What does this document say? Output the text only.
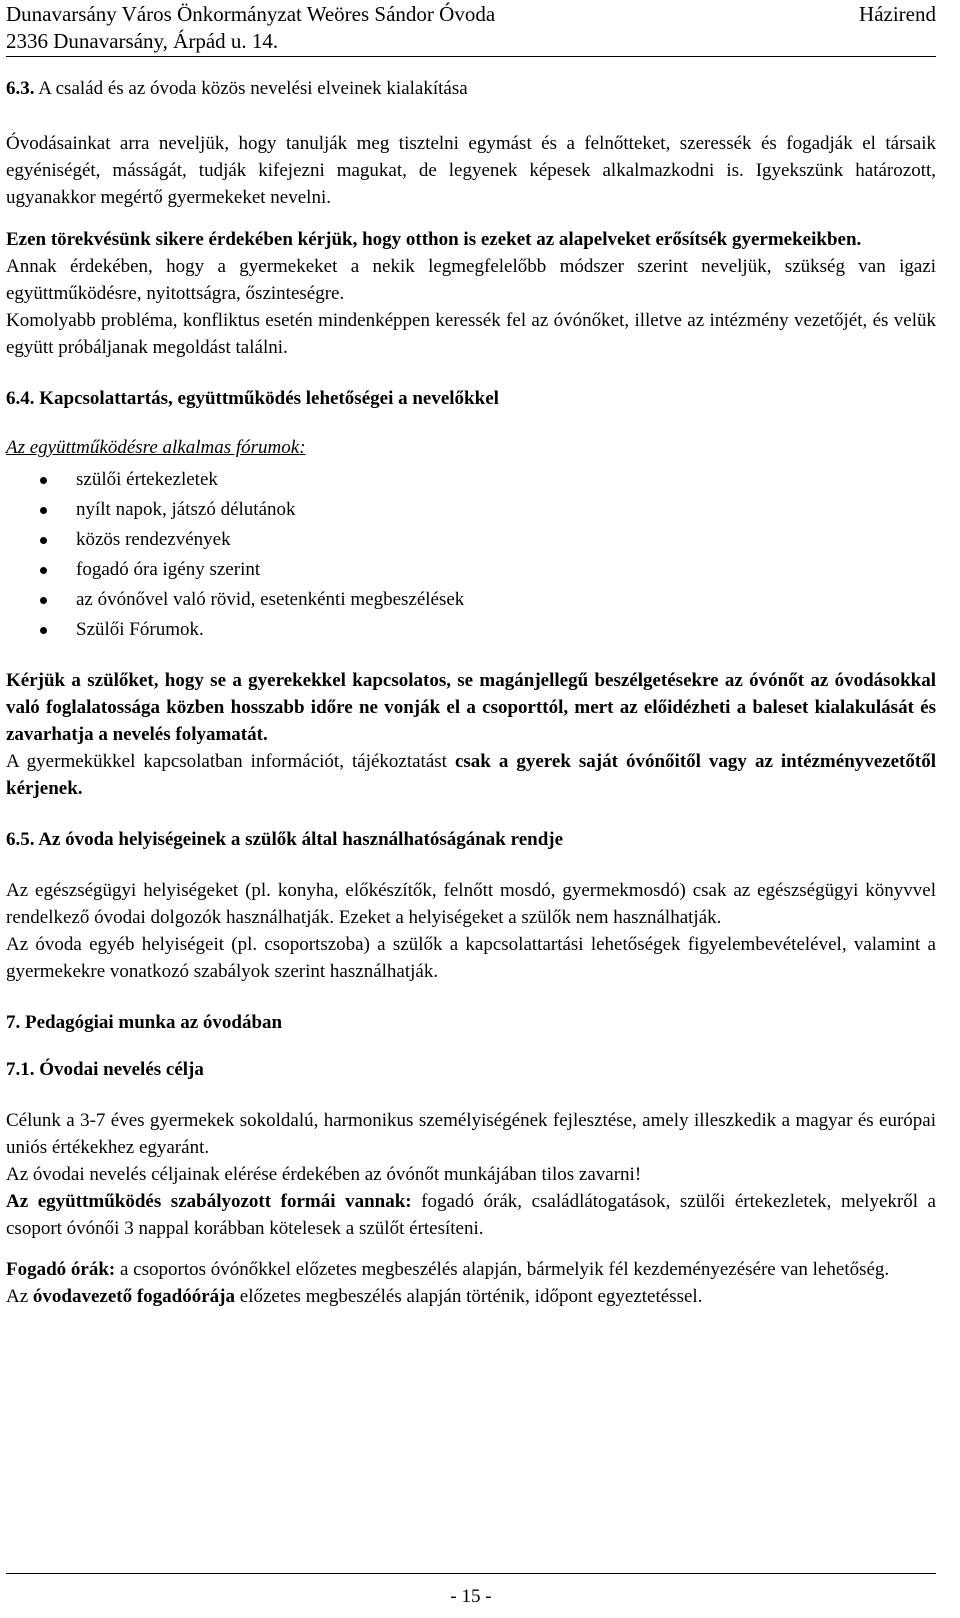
Dunavarsány Város Önkormányzat Weöres Sándor Óvoda
2336 Dunavarsány, Árpád u. 14.
Házirend

6.3. A család és az óvoda közös nevelési elveinek kialakítása

Óvodásainkat arra neveljük, hogy tanulják meg tisztelni egymást és a felnőtteket, szeressék és fogadják el társaik egyéniségét, másságát, tudják kifejezni magukat, de legyenek képesek alkalmazkodni is. Igyekszünk határozott, ugyanakkor megértő gyermekeket nevelni.

Ezen törekvésünk sikere érdekében kérjük, hogy otthon is ezeket az alapelveket erősítsék gyermekeikben.

Annak érdekében, hogy a gyermekeket a nekik legmegfelelőbb módszer szerint neveljük, szükség van igazi együttműködésre, nyitottságra, őszinteségre.

Komolyabb probléma, konfliktus esetén mindenképpen keressék fel az óvónőket, illetve az intézmény vezetőjét, és velük együtt próbáljanak megoldást találni.

6.4. Kapcsolattartás, együttműködés lehetőségei a nevelőkkel

Az együttműködésre alkalmas fórumok:

szülői értekezletek
nyílt napok, játszó délutánok
közös rendezvények
fogadó óra igény szerint
az óvónővel való rövid, esetenkénti megbeszélések
Szülői Fórumok.

Kérjük a szülőket, hogy se a gyerekekkel kapcsolatos, se magánjellegű beszélgetésekre az óvónőt az óvodásokkal való foglalatossága közben hosszabb időre ne vonják el a csoporttól, mert az előidézheti a baleset kialakulását és zavarhatja a nevelés folyamatát.

A gyermekükkel kapcsolatban információt, tájékoztatást csak a gyerek saját óvónőitől vagy az intézményvezetőtől kérjenek.

6.5. Az óvoda helyiségeinek a szülők által használhatóságának rendje

Az egészségügyi helyiségeket (pl. konyha, előkészítők, felnőtt mosdó, gyermekmosdó) csak az egészségügyi könyvvel rendelkező óvodai dolgozók használhatják. Ezeket a helyiségeket a szülők nem használhatják.

Az óvoda egyéb helyiségeit (pl. csoportszoba) a szülők a kapcsolattartási lehetőségek figyelembevételével, valamint a gyermekekre vonatkozó szabályok szerint használhatják.

7. Pedagógiai munka az óvodában

7.1. Óvodai nevelés célja

Célunk a 3-7 éves gyermekek sokoldalú, harmonikus személyiségének fejlesztése, amely illeszkedik a magyar és európai uniós értékekhez egyaránt.

Az óvodai nevelés céljainak elérése érdekében az óvónőt munkájában tilos zavarni!

Az együttműködés szabályozott formái vannak: fogadó órák, családlátogatások, szülői értekezletek, melyekről a csoport óvónői 3 nappal korábban kötelesek a szülőt értesíteni.

Fogadó órák: a csoportos óvónőkkel előzetes megbeszélés alapján, bármelyik fél kezdeményezésére van lehetőség.

Az óvodavezető fogadóórája előzetes megbeszélés alapján történik, időpont egyeztetéssel.

- 15 -
